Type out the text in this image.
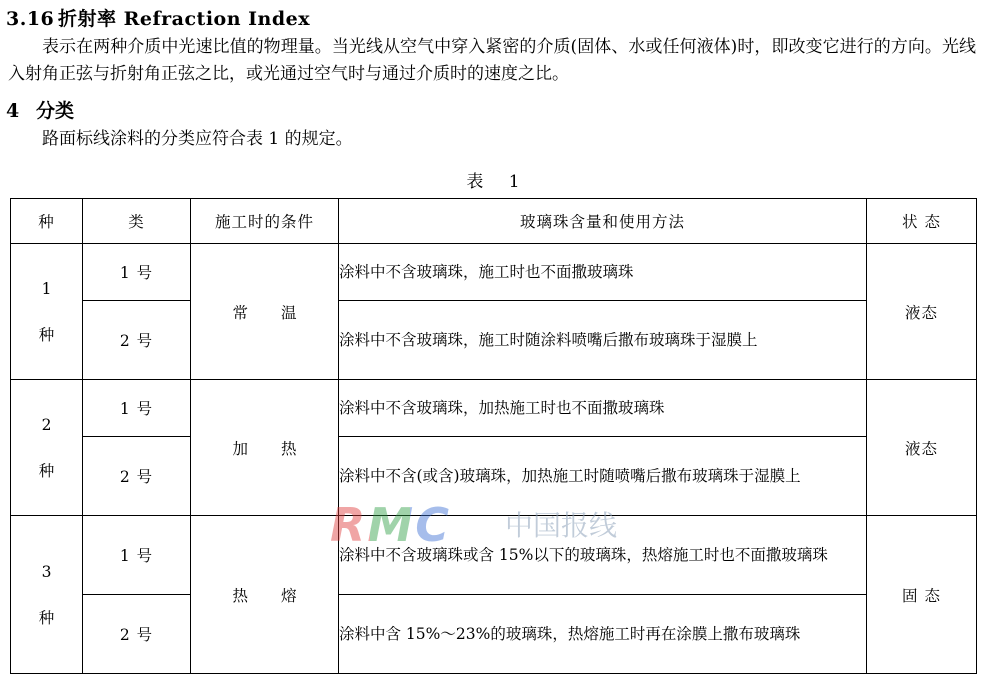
3.16 折射率 Refraction Index

表示在两种介质中光速比值的物理量。当光线从空气中穿入紧密的介质(固体、水或任何液体)时，即改变它进行的方向。光线入射角正弦与折射角正弦之比，或光通过空气时与通过介质时的速度之比。

4 分类

路面标线涂料的分类应符合表 1 的规定。

表 1

RMC 中国报线
种	类	施工时的条件	玻璃珠含量和使用方法	状 态

1
种	1 号	常 温	涂料中不含玻璃珠，施工时也不面撒玻璃珠	液态
	2 号		涂料中不含玻璃珠，施工时随涂料喷嘴后撒布玻璃珠于湿膜上	

2
种	1 号	加 热	涂料中不含玻璃珠，加热施工时也不面撒玻璃珠	液态
	2 号		涂料中不含(或含)玻璃珠，加热施工时随喷嘴后撒布玻璃珠于湿膜上	

3
种	1 号	热 熔	涂料中不含玻璃珠或含 15%以下的玻璃珠，热熔施工时也不面撒玻璃珠	固 态
	2 号		涂料中含 15%～23%的玻璃珠，热熔施工时再在涂膜上撒布玻璃珠	
